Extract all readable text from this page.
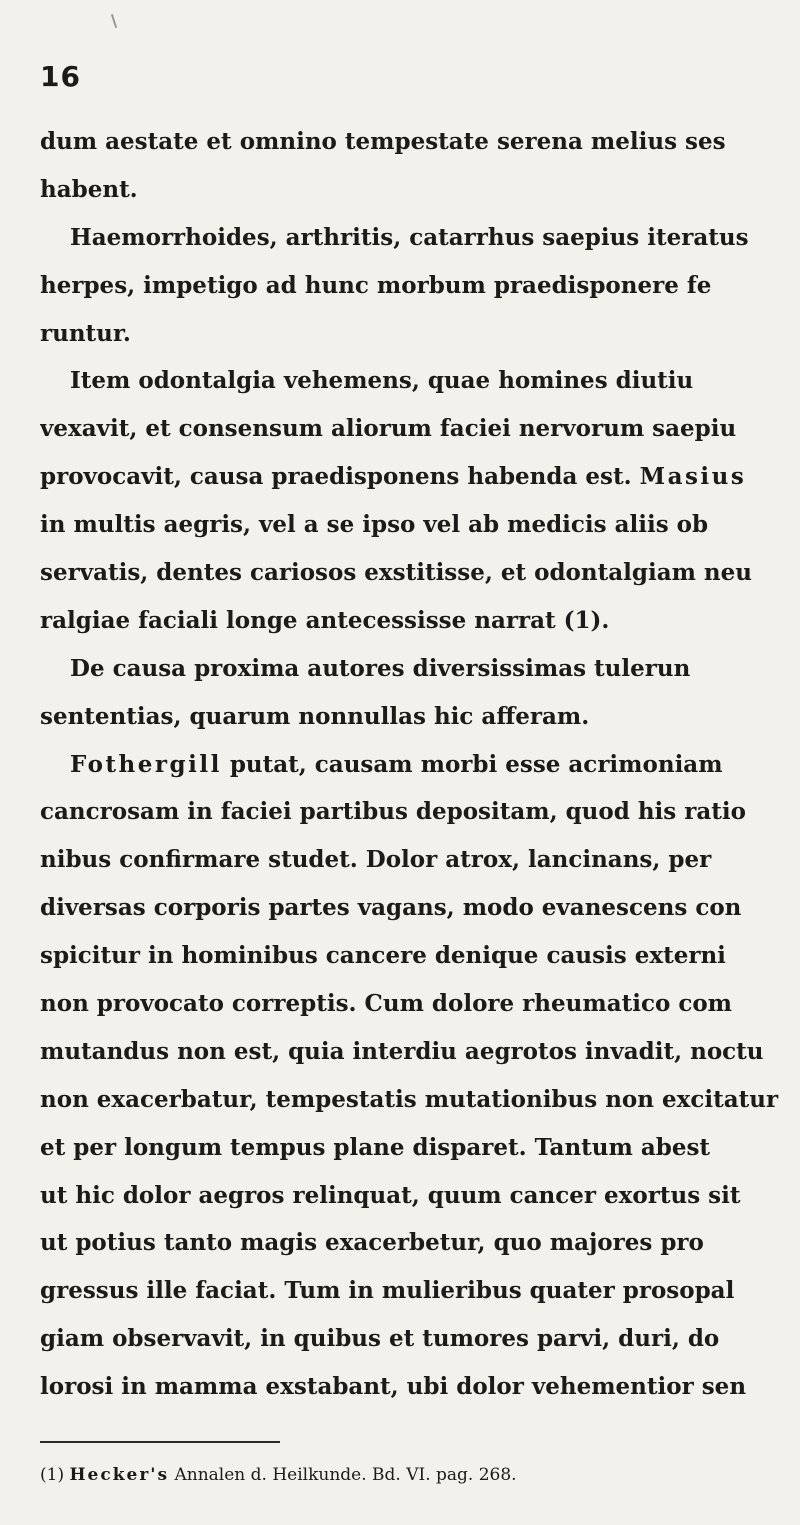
16
dum aestate et omnino tempestate serena melius ses
habent.
Haemorrhoides, arthritis, catarrhus saepius iteratus
herpes, impetigo ad hunc morbum praedisponere fe
runtur.
Item odontalgia vehemens, quae homines diutiu
vexavit, et consensum aliorum faciei nervorum saepiu
provocavit, causa praedisponens habenda est. Masius
in multis aegris, vel a se ipso vel ab medicis aliis ob
servatis, dentes cariosos exstitisse, et odontalgiam neu
ralgiae faciali longe antecessisse narrat (1).
De causa proxima autores diversissimas tulerun
sententias, quarum nonnullas hic afferam.
Fothergill putat, causam morbi esse acrimoniam
cancrosam in faciei partibus depositam, quod his ratio
nibus confirmare studet. Dolor atrox, lancinans, per
diversas corporis partes vagans, modo evanescens con
spicitur in hominibus cancere denique causis externi
non provocato correptis. Cum dolore rheumatico com
mutandus non est, quia interdiu aegrotos invadit, noctu
non exacerbatur, tempestatis mutationibus non excitatur
et per longum tempus plane disparet. Tantum abest
ut hic dolor aegros relinquat, quum cancer exortus sit
ut potius tanto magis exacerbetur, quo majores pro
gressus ille faciat. Tum in mulieribus quater prosopal
giam observavit, in quibus et tumores parvi, duri, do
lorosi in mamma exstabant, ubi dolor vehementior sen
(1) Hecker's Annalen d. Heilkunde. Bd. VI. pag. 268.
